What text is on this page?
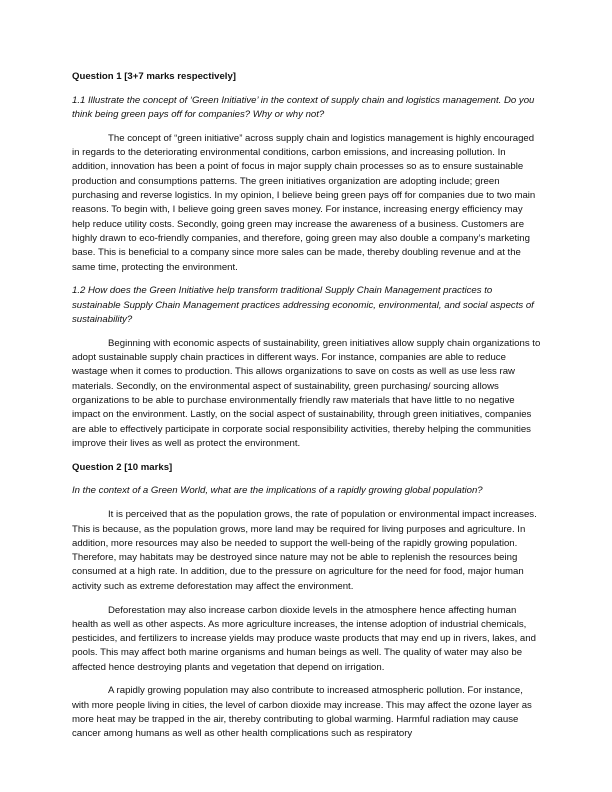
Question 1 [3+7 marks respectively]

1.1 Illustrate the concept of ‘Green Initiative’ in the context of supply chain and logistics management. Do you think being green pays off for companies? Why or why not?

The concept of “green initiative” across supply chain and logistics management is highly encouraged in regards to the deteriorating environmental conditions, carbon emissions, and increasing pollution. In addition, innovation has been a point of focus in major supply chain processes so as to ensure sustainable production and consumptions patterns. The green initiatives organization are adopting include; green purchasing and reverse logistics. In my opinion, I believe being green pays off for companies due to two main reasons. To begin with, I believe going green saves money. For instance, increasing energy efficiency may help reduce utility costs. Secondly, going green may increase the awareness of a business. Customers are highly drawn to eco-friendly companies, and therefore, going green may also double a company’s marketing base. This is beneficial to a company since more sales can be made, thereby doubling revenue and at the same time, protecting the environment.

1.2 How does the Green Initiative help transform traditional Supply Chain Management practices to sustainable Supply Chain Management practices addressing economic, environmental, and social aspects of sustainability?

Beginning with economic aspects of sustainability, green initiatives allow supply chain organizations to adopt sustainable supply chain practices in different ways. For instance, companies are able to reduce wastage when it comes to production. This allows organizations to save on costs as well as use less raw materials. Secondly, on the environmental aspect of sustainability, green purchasing/ sourcing allows organizations to be able to purchase environmentally friendly raw materials that have little to no negative impact on the environment. Lastly, on the social aspect of sustainability, through green initiatives, companies are able to effectively participate in corporate social responsibility activities, thereby helping the communities improve their lives as well as protect the environment.

Question 2 [10 marks]

In the context of a Green World, what are the implications of a rapidly growing global population?

It is perceived that as the population grows, the rate of population or environmental impact increases. This is because, as the population grows, more land may be required for living purposes and agriculture. In addition, more resources may also be needed to support the well-being of the rapidly growing population. Therefore, may habitats may be destroyed since nature may not be able to replenish the resources being consumed at a high rate. In addition, due to the pressure on agriculture for the need for food, major human activity such as extreme deforestation may affect the environment.

Deforestation may also increase carbon dioxide levels in the atmosphere hence affecting human health as well as other aspects. As more agriculture increases, the intense adoption of industrial chemicals, pesticides, and fertilizers to increase yields may produce waste products that may end up in rivers, lakes, and pools. This may affect both marine organisms and human beings as well. The quality of water may also be affected hence destroying plants and vegetation that depend on irrigation.

A rapidly growing population may also contribute to increased atmospheric pollution. For instance, with more people living in cities, the level of carbon dioxide may increase. This may affect the ozone layer as more heat may be trapped in the air, thereby contributing to global warming. Harmful radiation may cause cancer among humans as well as other health complications such as respiratory
